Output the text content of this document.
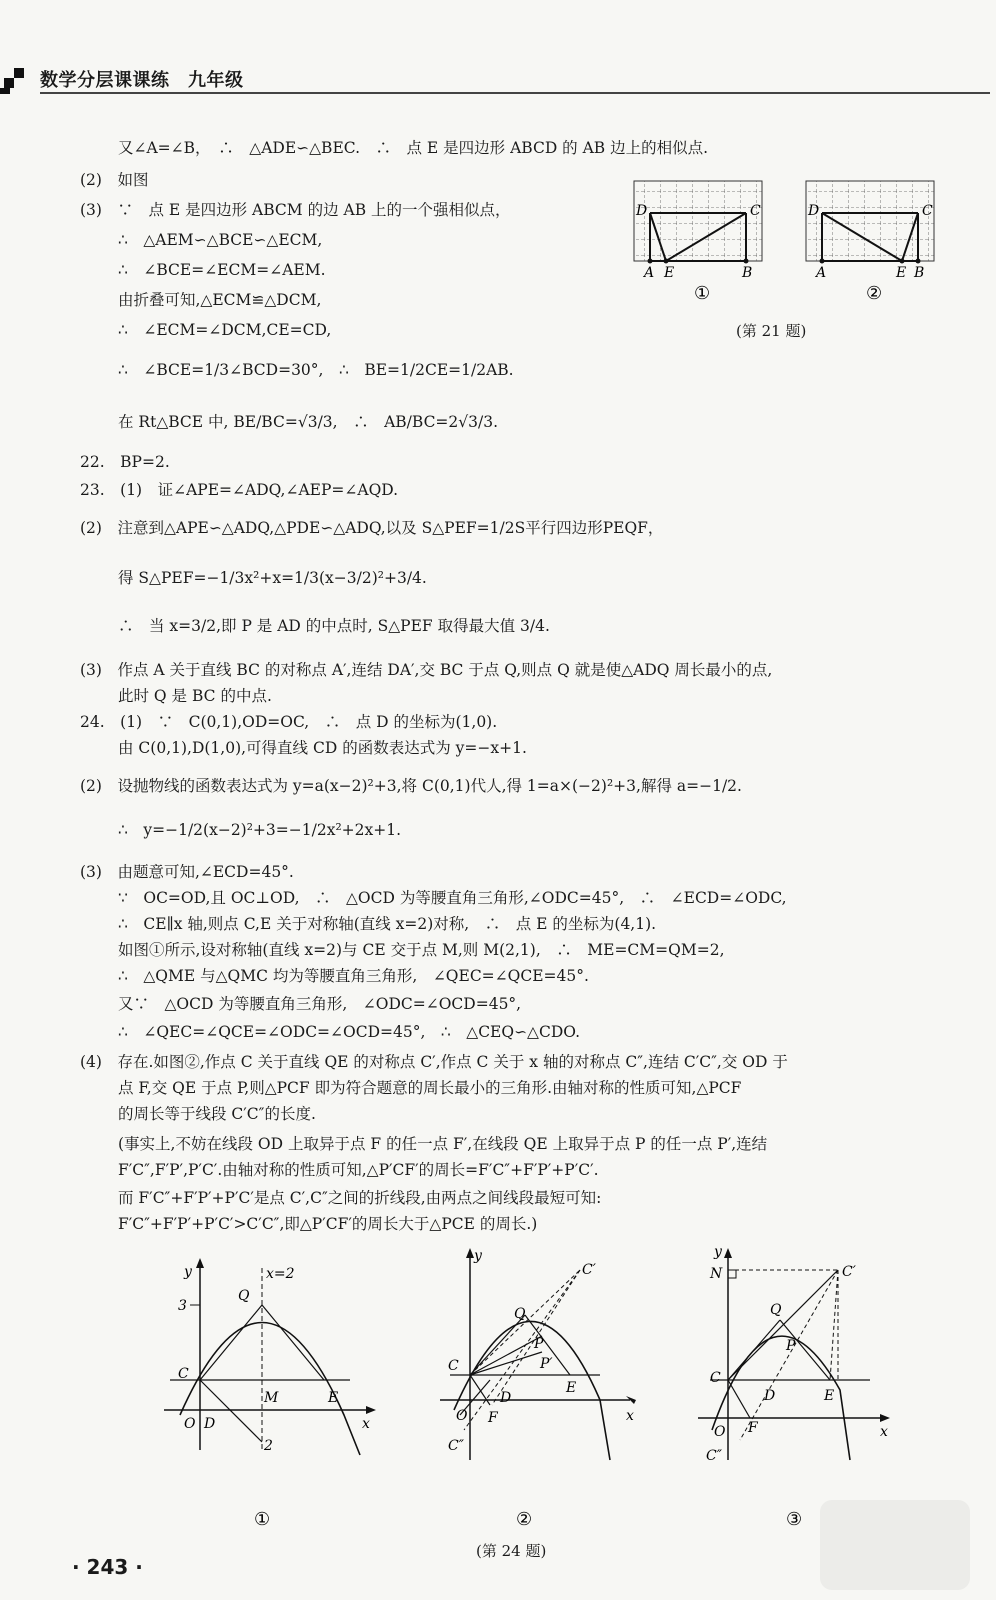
数学分层课课练　九年级
又∠A=∠B，　∴　△ADE∽△BEC.　∴　点 E 是四边形 ABCD 的 AB 边上的相似点.
(2)　如图
(3)　∵　点 E 是四边形 ABCM 的边 AB 上的一个强相似点，
∴　△AEM∽△BCE∽△ECM,
∴　∠BCE=∠ECM=∠AEM.
由折叠可知,△ECM≌△DCM,
∴　∠ECM=∠DCM,CE=CD,
∴　∠BCE=1/3∠BCD=30°,　∴　BE=1/2CE=1/2AB.
在 Rt△BCE 中, BE/BC=√3/3,　∴　AB/BC=2√3/3.
22.　BP=2.
23.　(1)　证∠APE=∠ADQ,∠AEP=∠AQD.
(2)　注意到△APE∽△ADQ,△PDE∽△ADQ,以及 S△PEF=1/2S平行四边形PEQF，
得 S△PEF=−1/3x²+x=1/3(x−3/2)²+3/4.
∴　当 x=3/2,即 P 是 AD 的中点时, S△PEF 取得最大值 3/4.
(3)　作点 A 关于直线 BC 的对称点 A′,连结 DA′,交 BC 于点 Q,则点 Q 就是使△ADQ 周长最小的点,
此时 Q 是 BC 的中点.
24.　(1)　∵　C(0,1),OD=OC,　∴　点 D 的坐标为(1,0).
由 C(0,1),D(1,0),可得直线 CD 的函数表达式为 y=−x+1.
(2)　设抛物线的函数表达式为 y=a(x−2)²+3,将 C(0,1)代人,得 1=a×(−2)²+3,解得 a=−1/2.
∴　y=−1/2(x−2)²+3=−1/2x²+2x+1.
(3)　由题意可知,∠ECD=45°.
∵　OC=OD,且 OC⊥OD,　∴　△OCD 为等腰直角三角形,∠ODC=45°,　∴　∠ECD=∠ODC,
∴　CE∥x 轴,则点 C,E 关于对称轴(直线 x=2)对称,　∴　点 E 的坐标为(4,1).
如图①所示,设对称轴(直线 x=2)与 CE 交于点 M,则 M(2,1),　∴　ME=CM=QM=2,
∴　△QME 与△QMC 均为等腰直角三角形,　∠QEC=∠QCE=45°.
又∵　△OCD 为等腰直角三角形,　∠ODC=∠OCD=45°,
∴　∠QEC=∠QCE=∠ODC=∠OCD=45°,　∴　△CEQ∽△CDO.
(4)　存在.如图②,作点 C 关于直线 QE 的对称点 C′,作点 C 关于 x 轴的对称点 C″,连结 C′C″,交 OD 于
点 F,交 QE 于点 P,则△PCF 即为符合题意的周长最小的三角形.由轴对称的性质可知,△PCF
的周长等于线段 C′C″的长度.
(事实上,不妨在线段 OD 上取异于点 F 的任一点 F′,在线段 QE 上取异于点 P 的任一点 P′,连结
F′C″,F′P′,P′C′.由轴对称的性质可知,△P′CF′的周长=F′C″+F′P′+P′C′.
而 F′C″+F′P′+P′C′是点 C′,C″之间的折线段,由两点之间线段最短可知:
F′C″+F′P′+P′C′>C′C″,即△P′CF′的周长大于△PCE 的周长.)
D	C
A E	B
①
D	C
A	E B
②
(第 21 题)
y
x
x=2
3
Q
C
M	E
O D
2
①
y
x
C′
Q
P
P′
C
E
D
O F
C″
②
y
x
N	C′
Q
P
C
D	E
O F
C″
③
(第 24 题)
· 243 ·
